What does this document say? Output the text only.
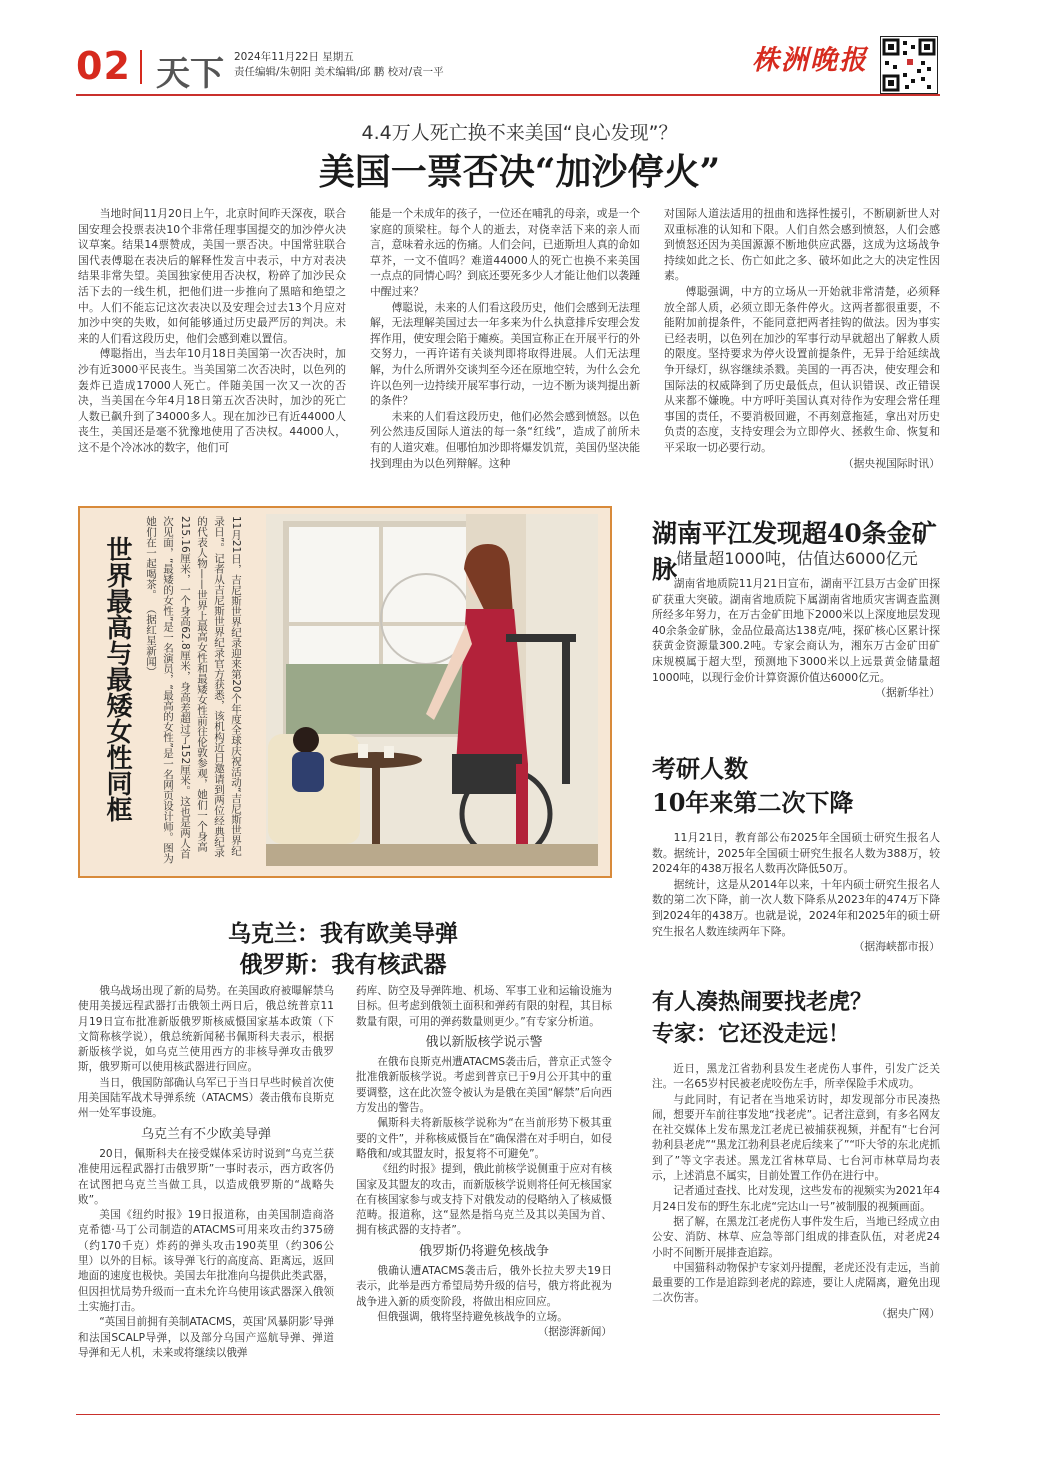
02 天下 2024年11月22日 星期五
责任编辑/朱朝阳 美术编辑/邱 鹏 校对/袁一平	株洲晚报
4.4万人死亡换不来美国“良心发现”？
美国一票否决“加沙停火”

当地时间11月20日上午，北京时间昨天深夜，联合国安理会投票表决10个非常任理事国提交的加沙停火决议草案。结果14票赞成，美国一票否决。中国常驻联合国代表傅聪在表决后的解释性发言中表示，中方对表决结果非常失望。美国独家使用否决权，粉碎了加沙民众活下去的一线生机，把他们进一步推向了黑暗和绝望之中。人们不能忘记这次表决以及安理会过去13个月应对加沙中突的失败，如何能够通过历史最严厉的判决。未来的人们看这段历史，他们会感到难以置信。

傅聪指出，当去年10月18日美国第一次否决时，加沙有近3000平民丧生。当美国第二次否决时，以色列的轰炸已造成17000人死亡。伴随美国一次又一次的否决，当美国在今年4月18日第五次否决时，加沙的死亡人数已飙升到了34000多人。现在加沙已有近44000人丧生，美国还是毫不犹豫地使用了否决权。44000人，这不是个冷冰冰的数字，他们可

能是一个未成年的孩子，一位还在哺乳的母亲，或是一个家庭的顶梁柱。每个人的逝去，对侥幸活下来的亲人而言，意味着永远的伤痛。人们会问，已逝斯坦人真的命如草芥，一文不值吗？难道44000人的死亡也换不来美国一点点的同情心吗？到底还要死多少人才能让他们以袭踵中醒过来？

傅聪说，未来的人们看这段历史，他们会感到无法理解，无法理解美国过去一年多来为什么执意排斥安理会发挥作用，使安理会陷于瘫痪。美国宣称正在开展平行的外交努力，一再许诺有关谈判即将取得进展。人们无法理解，为什么所谓外交谈判至今还在原地空转，为什么会允许以色列一边持续开展军事行动，一边不断为谈判提出新的条件？

未来的人们看这段历史，他们必然会感到愤怒。以色列公然违反国际人道法的每一条“红线”，造成了前所未有的人道灾难。但哪怕加沙即将爆发饥荒，美国仍坚决能找到理由为以色列辩解。这种

对国际人道法适用的扭曲和选择性援引，不断刷新世人对双重标准的认知和下限。人们自然会感到愤怒，人们会感到愤怒还因为美国源源不断地供应武器，这成为这场战争持续如此之长、伤亡如此之多、破坏如此之大的决定性因素。

傅聪强调，中方的立场从一开始就非常清楚，必须释放全部人质，必须立即无条件停火。这两者都很重要，不能附加前提条件，不能同意把两者挂钩的做法。因为事实已经表明，以色列在加沙的军事行动早就超出了解救人质的限度。坚持要求为停火设置前提条件，无异于给延续战争开绿灯，纵容继续杀戮。美国的一再否决，使安理会和国际法的权威降到了历史最低点，但认识错误、改正错误从来都不嫌晚。中方呼吁美国认真对待作为安理会常任理事国的责任，不要消极回避，不再刻意拖延，拿出对历史负责的态度，支持安理会为立即停火、拯救生命、恢复和平采取一切必要行动。

（据央视国际时讯）

世界最高与最矮女性同框	11月21日，吉尼斯世界纪录迎来第20个年度全球庆祝活动“吉尼斯世界纪录日”。记者从吉尼斯世界纪录官方获悉，该机构近日邀请到两位经典纪录的代表人物——世界上最高女性和最矮女性前往伦敦参观，她们一个身高215.16厘米，一个身高62.8厘米，身高差超过了152厘米。这也是两人首次见面，“最矮的女性”是一名演员，“最高的女性”是一名网页设计师。图为她们在一起喝茶。 （据红星新闻）
湖南平江发现超40条金矿脉 储量超1000吨，估值达6000亿元

湖南省地质院11月21日宣布，湖南平江县万古金矿田探矿获重大突破。湖南省地质院下属湖南省地质灾害调查监测所经多年努力，在万古金矿田地下2000米以上深度地层发现40余条金矿脉，金品位最高达138克/吨，探矿核心区累计探获黄金资源量300.2吨。专家会商认为，湘东万古金矿田矿床规模属于超大型，预测地下3000米以上远景黄金储量超1000吨，以现行金价计算资源价值达6000亿元。

（据新华社）

考研人数
10年来第二次下降

11月21日，教育部公布2025年全国硕士研究生报名人数。据统计，2025年全国硕士研究生报名人数为388万，较2024年的438万报名人数再次降低50万。

据统计，这是从2014年以来，十年内硕士研究生报名人数的第二次下降，前一次人数下降系从2023年的474万下降到2024年的438万。也就是说，2024年和2025年的硕士研究生报名人数连续两年下降。

（据海峡都市报）

乌克兰：我有欧美导弹
俄罗斯：我有核武器

俄乌战场出现了新的局势。在美国政府被曝解禁乌使用美援远程武器打击俄领土两日后，俄总统普京11月19日宣布批准新版俄罗斯核威慑国家基本政策（下文简称核学说），俄总统新闻秘书佩斯科夫表示，根据新版核学说，如乌克兰使用西方的非核导弹攻击俄罗斯，俄罗斯可以使用核武器进行回应。

当日，俄国防部确认乌军已于当日早些时候首次使用美国陆军战术导弹系统（ATACMS）袭击俄布良斯克州一处军事设施。

乌克兰有不少欧美导弹

20日，佩斯科夫在接受媒体采访时说到“乌克兰获准使用远程武器打击俄罗斯”一事时表示，西方政客仍在试图把乌克兰当做工具，以造成俄罗斯的“战略失败”。

美国《纽约时报》19日报道称，由美国制造商洛克希德·马丁公司制造的ATACMS可用来攻击约375磅（约170千克）炸药的弹头攻击190英里（约306公里）以外的目标。该导弹飞行的高度高、距离远，返回地面的速度也极快。美国去年批准向乌提供此类武器，但因担忧局势升级而一直未允许乌使用该武器深入俄领土实施打击。

“英国目前拥有美制ATACMS，英国‘风暴阴影’导弹和法国SCALP导弹，以及部分乌国产巡航导弹、弹道导弹和无人机，未来或将继续以俄弹

药库、防空及导弹阵地、机场、军事工业和运输设施为目标。但考虑到俄领土面积和弹药有限的射程，其目标数量有限，可用的弹药数量则更少。”有专家分析道。

俄以新版核学说示警

在俄布良斯克州遭ATACMS袭击后，普京正式签令批准俄新版核学说。考虑到普京已于9月公开其中的重要调整，这在此次签令被认为是俄在美国“解禁”后向西方发出的警告。

佩斯科夫将新版核学说称为“在当前形势下极其重要的文件”，并称核威慑旨在“确保潜在对手明白，如侵略俄和/或其盟友时，报复将不可避免”。

《纽约时报》提到，俄此前核学说侧重于应对有核国家及其盟友的攻击，而新版核学说则将任何无核国家在有核国家参与或支持下对俄发动的侵略纳入了核威慑范畴。报道称，这“显然是指乌克兰及其以美国为首、拥有核武器的支持者”。

俄罗斯仍将避免核战争

俄确认遭ATACMS袭击后，俄外长拉夫罗夫19日表示，此举是西方希望局势升级的信号，俄方将此视为战争进入新的质变阶段，将做出相应回应。

但俄强调，俄将坚持避免核战争的立场。

（据澎湃新闻）

有人凑热闹要找老虎？
专家：它还没走远！

近日，黑龙江省勃利县发生老虎伤人事件，引发广泛关注。一名65岁村民被老虎咬伤左手，所幸保险手术成功。

与此同时，有记者在当地采访时，却发现部分市民凑热闹，想要开车前往事发地“找老虎”。记者注意到，有多名网友在社交媒体上发布黑龙江老虎已被捕获视频，并配有“七台河勃利县老虎”“黑龙江勃利县老虎后续来了”“吓大爷的东北虎抓到了”等文字表述。黑龙江省林草局、七台河市林草局均表示，上述消息不属实，目前处置工作仍在进行中。

记者通过查找、比对发现，这些发布的视频实为2021年4月24日发布的野生东北虎“完达山一号”被制服的视频画面。

据了解，在黑龙江老虎伤人事件发生后，当地已经成立由公安、消防、林草、应急等部门组成的排查队伍，对老虎24小时不间断开展排查追踪。

中国猫科动物保护专家刘丹提醒，老虎还没有走远，当前最重要的工作是追踪到老虎的踪迹，要让人虎隔离，避免出现二次伤害。

（据央广网）
